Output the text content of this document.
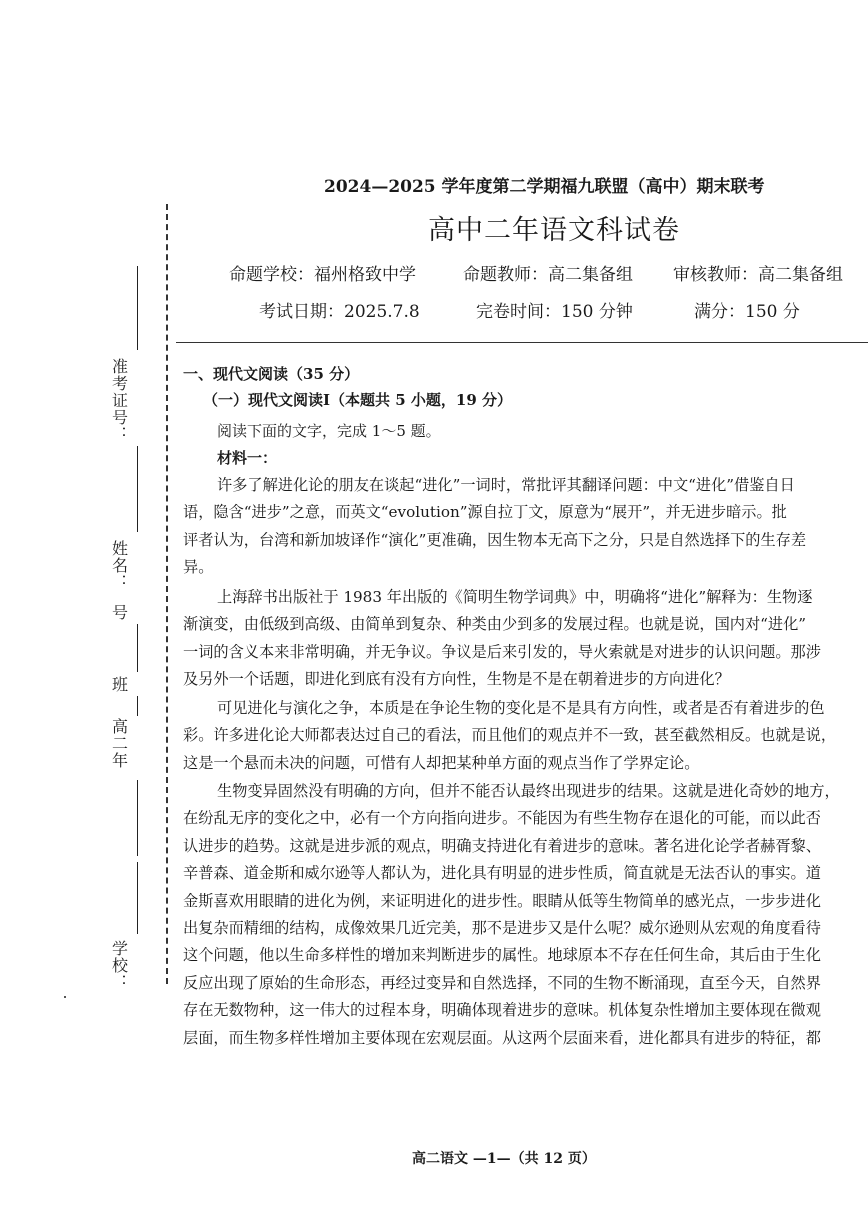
准考证号：
姓名：
号
班
高二年
学校：
2024—2025 学年度第二学期福九联盟（高中）期末联考
高中二年语文科试卷
命题学校：福州格致中学	命题教师：高二集备组 审核教师：高二集备组
考试日期：2025.7.8	完卷时间：150 分钟	满分：150 分
一、现代文阅读（35 分）
（一）现代文阅读Ⅰ（本题共 5 小题，19 分）
阅读下面的文字，完成 1～5 题。
材料一：
许多了解进化论的朋友在谈起“进化”一词时，常批评其翻译问题：中文“进化”借鉴自日
语，隐含“进步”之意，而英文“evolution”源自拉丁文，原意为“展开”，并无进步暗示。批
评者认为，台湾和新加坡译作“演化”更准确，因生物本无高下之分，只是自然选择下的生存差
异。
上海辞书出版社于 1983 年出版的《简明生物学词典》中，明确将“进化”解释为：生物逐
渐演变，由低级到高级、由简单到复杂、种类由少到多的发展过程。也就是说，国内对“进化”
一词的含义本来非常明确，并无争议。争议是后来引发的，导火索就是对进步的认识问题。那涉
及另外一个话题，即进化到底有没有方向性，生物是不是在朝着进步的方向进化？
可见进化与演化之争，本质是在争论生物的变化是不是具有方向性，或者是否有着进步的色
彩。许多进化论大师都表达过自己的看法，而且他们的观点并不一致，甚至截然相反。也就是说，
这是一个悬而未决的问题，可惜有人却把某种单方面的观点当作了学界定论。
生物变异固然没有明确的方向，但并不能否认最终出现进步的结果。这就是进化奇妙的地方，
在纷乱无序的变化之中，必有一个方向指向进步。不能因为有些生物存在退化的可能，而以此否
认进步的趋势。这就是进步派的观点，明确支持进化有着进步的意味。著名进化论学者赫胥黎、
辛普森、道金斯和威尔逊等人都认为，进化具有明显的进步性质，简直就是无法否认的事实。道
金斯喜欢用眼睛的进化为例，来证明进化的进步性。眼睛从低等生物简单的感光点，一步步进化
出复杂而精细的结构，成像效果几近完美，那不是进步又是什么呢？威尔逊则从宏观的角度看待
这个问题，他以生命多样性的增加来判断进步的属性。地球原本不存在任何生命，其后由于生化
反应出现了原始的生命形态，再经过变异和自然选择，不同的生物不断涌现，直至今天，自然界
存在无数物种，这一伟大的过程本身，明确体现着进步的意味。机体复杂性增加主要体现在微观
层面，而生物多样性增加主要体现在宏观层面。从这两个层面来看，进化都具有进步的特征，都
高二语文 —1—（共 12 页）
